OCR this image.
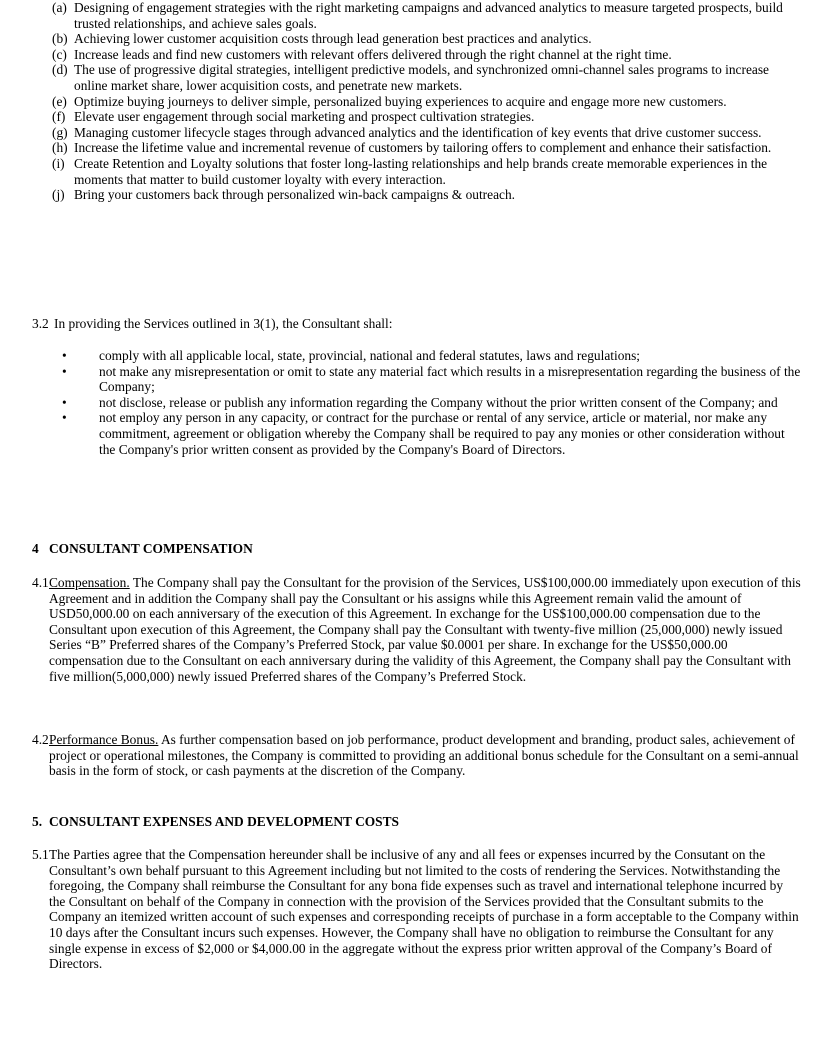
(a) Designing of engagement strategies with the right marketing campaigns and advanced analytics to measure targeted prospects, build trusted relationships, and achieve sales goals.
(b) Achieving lower customer acquisition costs through lead generation best practices and analytics.
(c) Increase leads and find new customers with relevant offers delivered through the right channel at the right time.
(d) The use of progressive digital strategies, intelligent predictive models, and synchronized omni-channel sales programs to increase online market share, lower acquisition costs, and penetrate new markets.
(e) Optimize buying journeys to deliver simple, personalized buying experiences to acquire and engage more new customers.
(f) Elevate user engagement through social marketing and prospect cultivation strategies.
(g) Managing customer lifecycle stages through advanced analytics and the identification of key events that drive customer success.
(h) Increase the lifetime value and incremental revenue of customers by tailoring offers to complement and enhance their satisfaction.
(i) Create Retention and Loyalty solutions that foster long-lasting relationships and help brands create memorable experiences in the moments that matter to build customer loyalty with every interaction.
(j) Bring your customers back through personalized win-back campaigns & outreach.
3.2 In providing the Services outlined in 3(1), the Consultant shall:
•	comply with all applicable local, state, provincial, national and federal statutes, laws and regulations;
•	not make any misrepresentation or omit to state any material fact which results in a misrepresentation regarding the business of the Company;
•	not disclose, release or publish any information regarding the Company without the prior written consent of the Company; and
•	not employ any person in any capacity, or contract for the purchase or rental of any service, article or material, nor make any commitment, agreement or obligation whereby the Company shall be required to pay any monies or other consideration without the Company's prior written consent as provided by the Company's Board of Directors.
4 CONSULTANT COMPENSATION
4.1 Compensation. The Company shall pay the Consultant for the provision of the Services, US$100,000.00 immediately upon execution of this Agreement and in addition the Company shall pay the Consultant or his assigns while this Agreement remain valid the amount of USD50,000.00 on each anniversary of the execution of this Agreement. In exchange for the US$100,000.00 compensation due to the Consultant upon execution of this Agreement, the Company shall pay the Consultant with twenty-five million (25,000,000) newly issued Series “B” Preferred shares of the Company’s Preferred Stock, par value $0.0001 per share. In exchange for the US$50,000.00 compensation due to the Consultant on each anniversary during the validity of this Agreement, the Company shall pay the Consultant with five million(5,000,000) newly issued Preferred shares of the Company’s Preferred Stock.
4.2 Performance Bonus. As further compensation based on job performance, product development and branding, product sales, achievement of project or operational milestones, the Company is committed to providing an additional bonus schedule for the Consultant on a semi-annual basis in the form of stock, or cash payments at the discretion of the Company.
5. CONSULTANT EXPENSES AND DEVELOPMENT COSTS
5.1 The Parties agree that the Compensation hereunder shall be inclusive of any and all fees or expenses incurred by the Consutant on the Consultant’s own behalf pursuant to this Agreement including but not limited to the costs of rendering the Services. Notwithstanding the foregoing, the Company shall reimburse the Consultant for any bona fide expenses such as travel and international telephone incurred by the Consultant on behalf of the Company in connection with the provision of the Services provided that the Consultant submits to the Company an itemized written account of such expenses and corresponding receipts of purchase in a form acceptable to the Company within 10 days after the Consultant incurs such expenses. However, the Company shall have no obligation to reimburse the Consultant for any single expense in excess of $2,000 or $4,000.00 in the aggregate without the express prior written approval of the Company’s Board of Directors.
